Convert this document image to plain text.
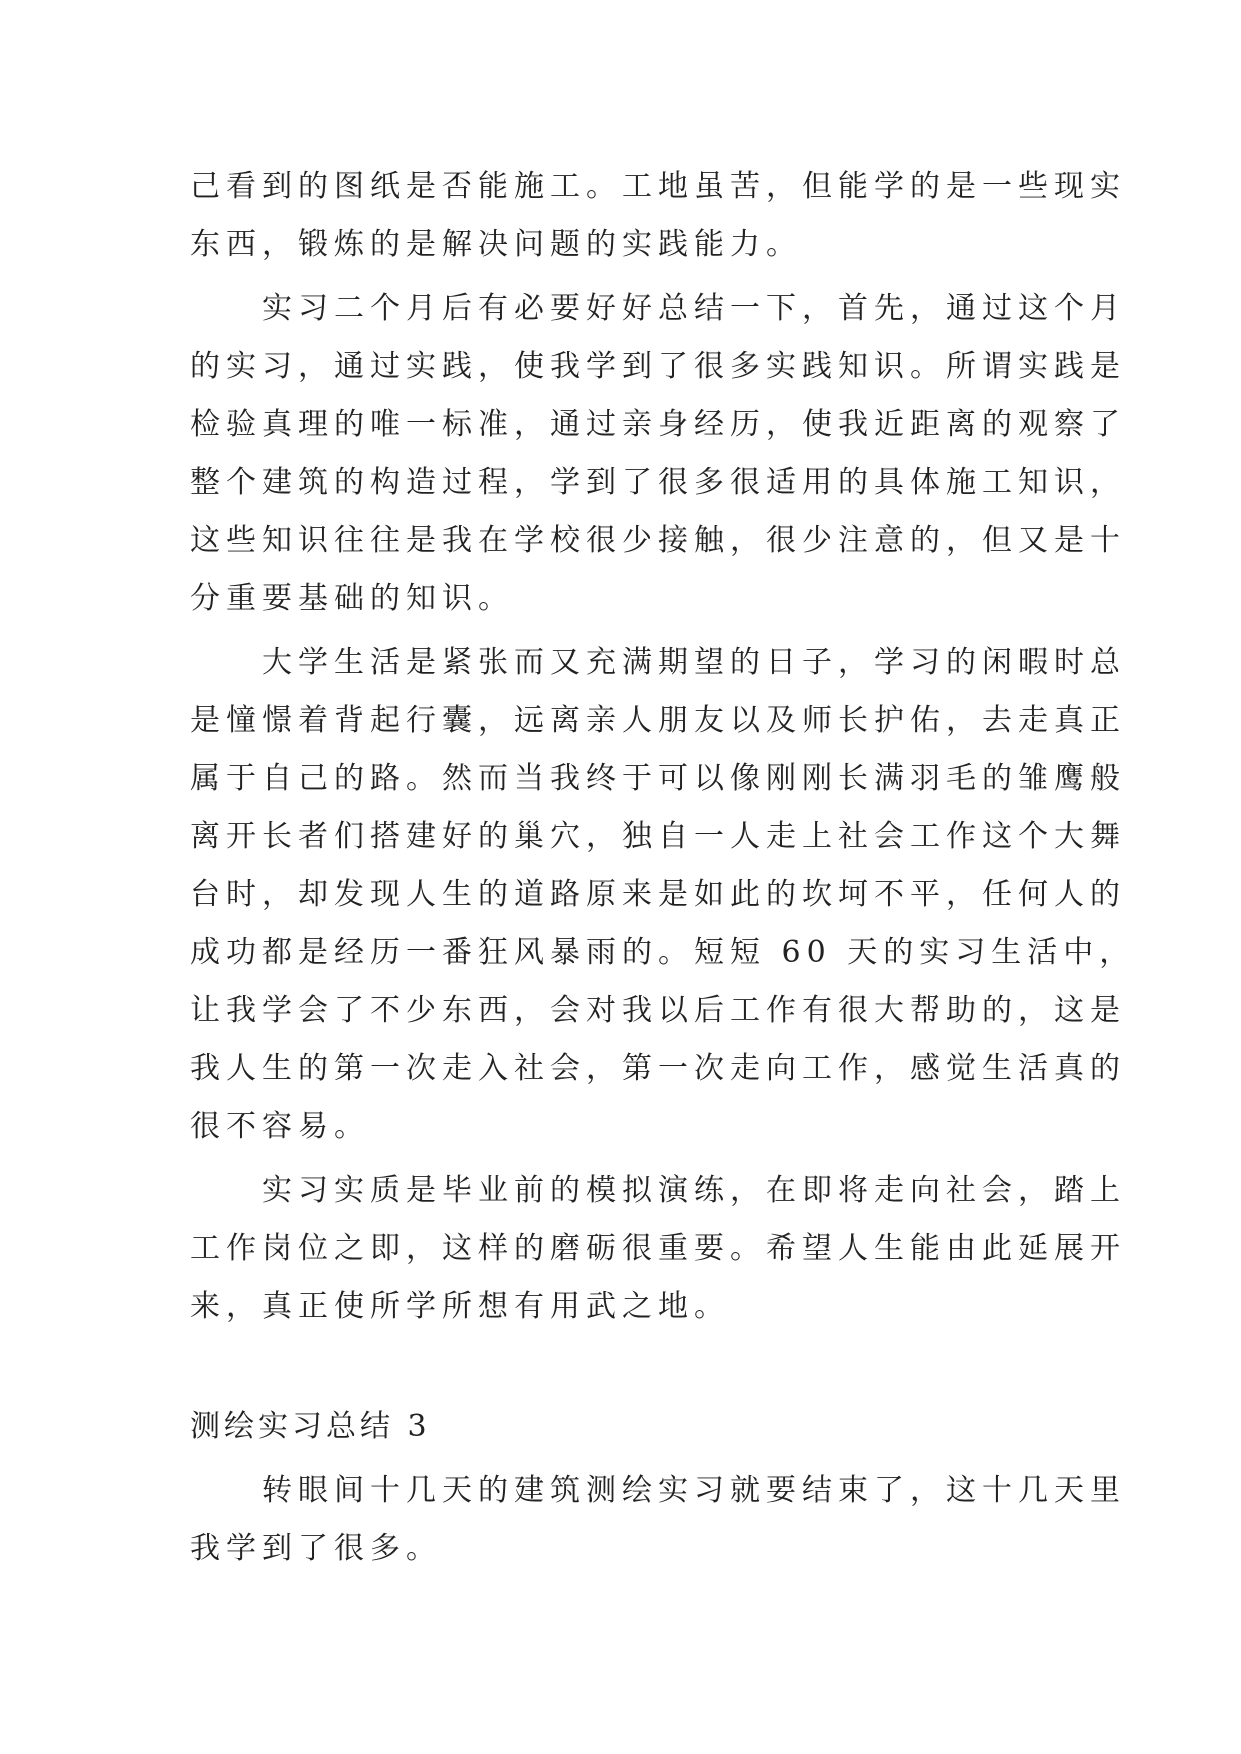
己看到的图纸是否能施工。工地虽苦，但能学的是一些现实
东西，锻炼的是解决问题的实践能力。
实习二个月后有必要好好总结一下，首先，通过这个月
的实习，通过实践，使我学到了很多实践知识。所谓实践是
检验真理的唯一标准，通过亲身经历，使我近距离的观察了
整个建筑的构造过程，学到了很多很适用的具体施工知识，
这些知识往往是我在学校很少接触，很少注意的，但又是十
分重要基础的知识。
大学生活是紧张而又充满期望的日子，学习的闲暇时总
是憧憬着背起行囊，远离亲人朋友以及师长护佑，去走真正
属于自己的路。然而当我终于可以像刚刚长满羽毛的雏鹰般
离开长者们搭建好的巢穴，独自一人走上社会工作这个大舞
台时，却发现人生的道路原来是如此的坎坷不平，任何人的
成功都是经历一番狂风暴雨的。短短 60 天的实习生活中，
让我学会了不少东西，会对我以后工作有很大帮助的，这是
我人生的第一次走入社会，第一次走向工作，感觉生活真的
很不容易。
实习实质是毕业前的模拟演练，在即将走向社会，踏上
工作岗位之即，这样的磨砺很重要。希望人生能由此延展开
来，真正使所学所想有用武之地。
测绘实习总结 3
转眼间十几天的建筑测绘实习就要结束了，这十几天里
我学到了很多。
